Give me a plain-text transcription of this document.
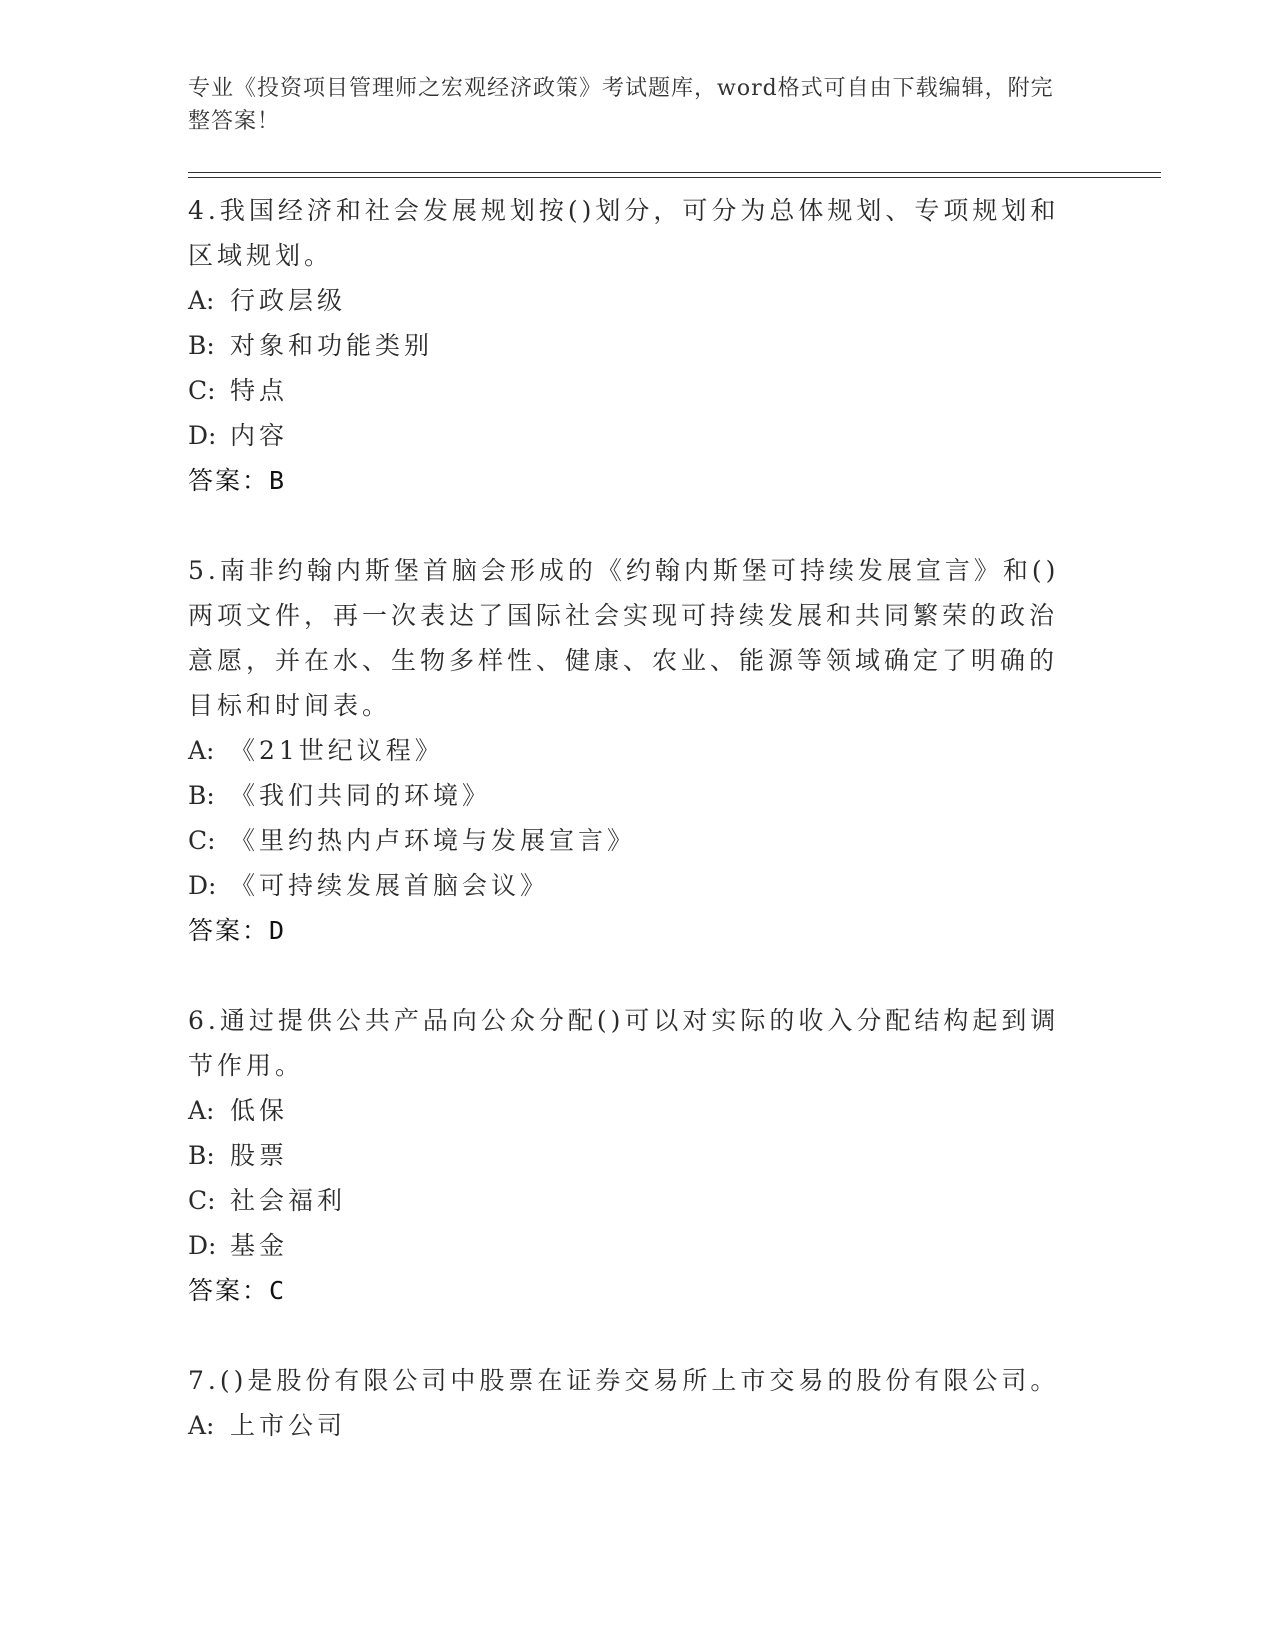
专业《投资项目管理师之宏观经济政策》考试题库，word格式可自由下载编辑，附完整答案！
4.我国经济和社会发展规划按()划分，可分为总体规划、专项规划和区域规划。
A: 行政层级
B: 对象和功能类别
C: 特点
D: 内容
答案：B
5.南非约翰内斯堡首脑会形成的《约翰内斯堡可持续发展宣言》和()两项文件，再一次表达了国际社会实现可持续发展和共同繁荣的政治意愿，并在水、生物多样性、健康、农业、能源等领域确定了明确的目标和时间表。
A: 《21世纪议程》
B: 《我们共同的环境》
C: 《里约热内卢环境与发展宣言》
D: 《可持续发展首脑会议》
答案：D
6.通过提供公共产品向公众分配()可以对实际的收入分配结构起到调节作用。
A: 低保
B: 股票
C: 社会福利
D: 基金
答案：C
7.()是股份有限公司中股票在证券交易所上市交易的股份有限公司。
A: 上市公司
